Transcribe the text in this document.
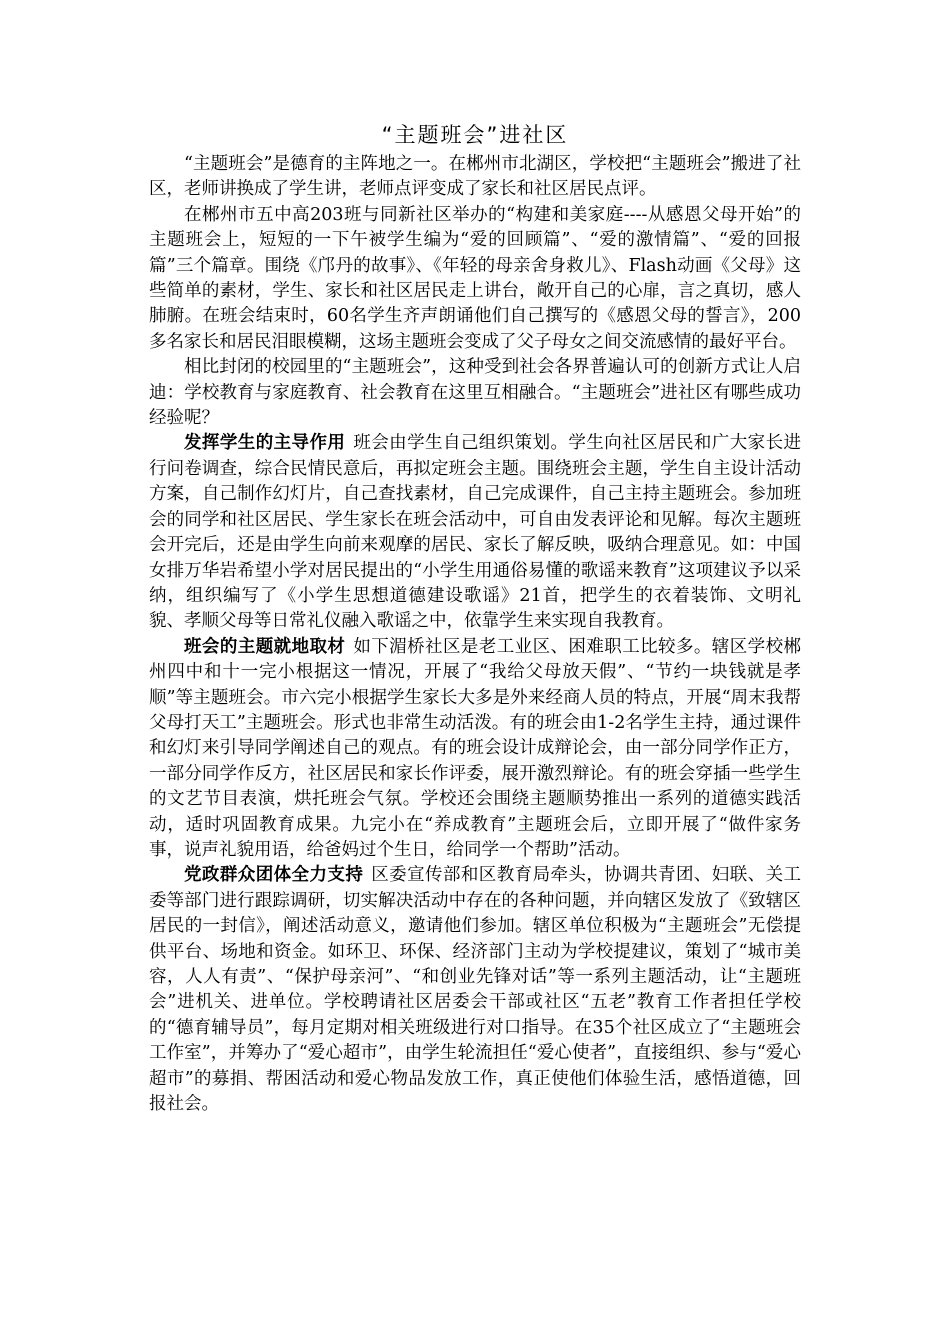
“主题班会”进社区

“主题班会”是德育的主阵地之一。在郴州市北湖区，学校把“主题班会”搬进了社区，老师讲换成了学生讲，老师点评变成了家长和社区居民点评。

在郴州市五中高203班与同新社区举办的“构建和美家庭----从感恩父母开始”的主题班会上，短短的一下午被学生编为“爱的回顾篇”、“爱的激情篇”、“爱的回报篇”三个篇章。围绕《邝丹的故事》、《年轻的母亲舍身救儿》、Flash动画《父母》这些简单的素材，学生、家长和社区居民走上讲台，敞开自己的心扉，言之真切，感人肺腑。在班会结束时，60名学生齐声朗诵他们自己撰写的《感恩父母的誓言》，200多名家长和居民泪眼模糊，这场主题班会变成了父子母女之间交流感情的最好平台。

相比封闭的校园里的“主题班会”，这种受到社会各界普遍认可的创新方式让人启迪：学校教育与家庭教育、社会教育在这里互相融合。“主题班会”进社区有哪些成功经验呢？

发挥学生的主导作用 班会由学生自己组织策划。学生向社区居民和广大家长进行问卷调查，综合民情民意后，再拟定班会主题。围绕班会主题，学生自主设计活动方案，自己制作幻灯片，自己查找素材，自己完成课件，自己主持主题班会。参加班会的同学和社区居民、学生家长在班会活动中，可自由发表评论和见解。每次主题班会开完后，还是由学生向前来观摩的居民、家长了解反映，吸纳合理意见。如：中国女排万华岩希望小学对居民提出的“小学生用通俗易懂的歌谣来教育”这项建议予以采纳，组织编写了《小学生思想道德建设歌谣》21首，把学生的衣着装饰、文明礼貌、孝顺父母等日常礼仪融入歌谣之中，依靠学生来实现自我教育。

班会的主题就地取材 如下湄桥社区是老工业区、困难职工比较多。辖区学校郴州四中和十一完小根据这一情况，开展了“我给父母放天假”、“节约一块钱就是孝顺”等主题班会。市六完小根据学生家长大多是外来经商人员的特点，开展“周末我帮父母打天工”主题班会。形式也非常生动活泼。有的班会由1-2名学生主持，通过课件和幻灯来引导同学阐述自己的观点。有的班会设计成辩论会，由一部分同学作正方，一部分同学作反方，社区居民和家长作评委，展开激烈辩论。有的班会穿插一些学生的文艺节目表演，烘托班会气氛。学校还会围绕主题顺势推出一系列的道德实践活动，适时巩固教育成果。九完小在“养成教育”主题班会后，立即开展了“做件家务事，说声礼貌用语，给爸妈过个生日，给同学一个帮助”活动。

党政群众团体全力支持 区委宣传部和区教育局牵头，协调共青团、妇联、关工委等部门进行跟踪调研，切实解决活动中存在的各种问题，并向辖区发放了《致辖区居民的一封信》，阐述活动意义，邀请他们参加。辖区单位积极为“主题班会”无偿提供平台、场地和资金。如环卫、环保、经济部门主动为学校提建议，策划了“城市美容，人人有责”、“保护母亲河”、“和创业先锋对话”等一系列主题活动，让“主题班会”进机关、进单位。学校聘请社区居委会干部或社区“五老”教育工作者担任学校的“德育辅导员”，每月定期对相关班级进行对口指导。在35个社区成立了“主题班会工作室”，并筹办了“爱心超市”，由学生轮流担任“爱心使者”，直接组织、参与“爱心超市”的募捐、帮困活动和爱心物品发放工作，真正使他们体验生活，感悟道德，回报社会。
